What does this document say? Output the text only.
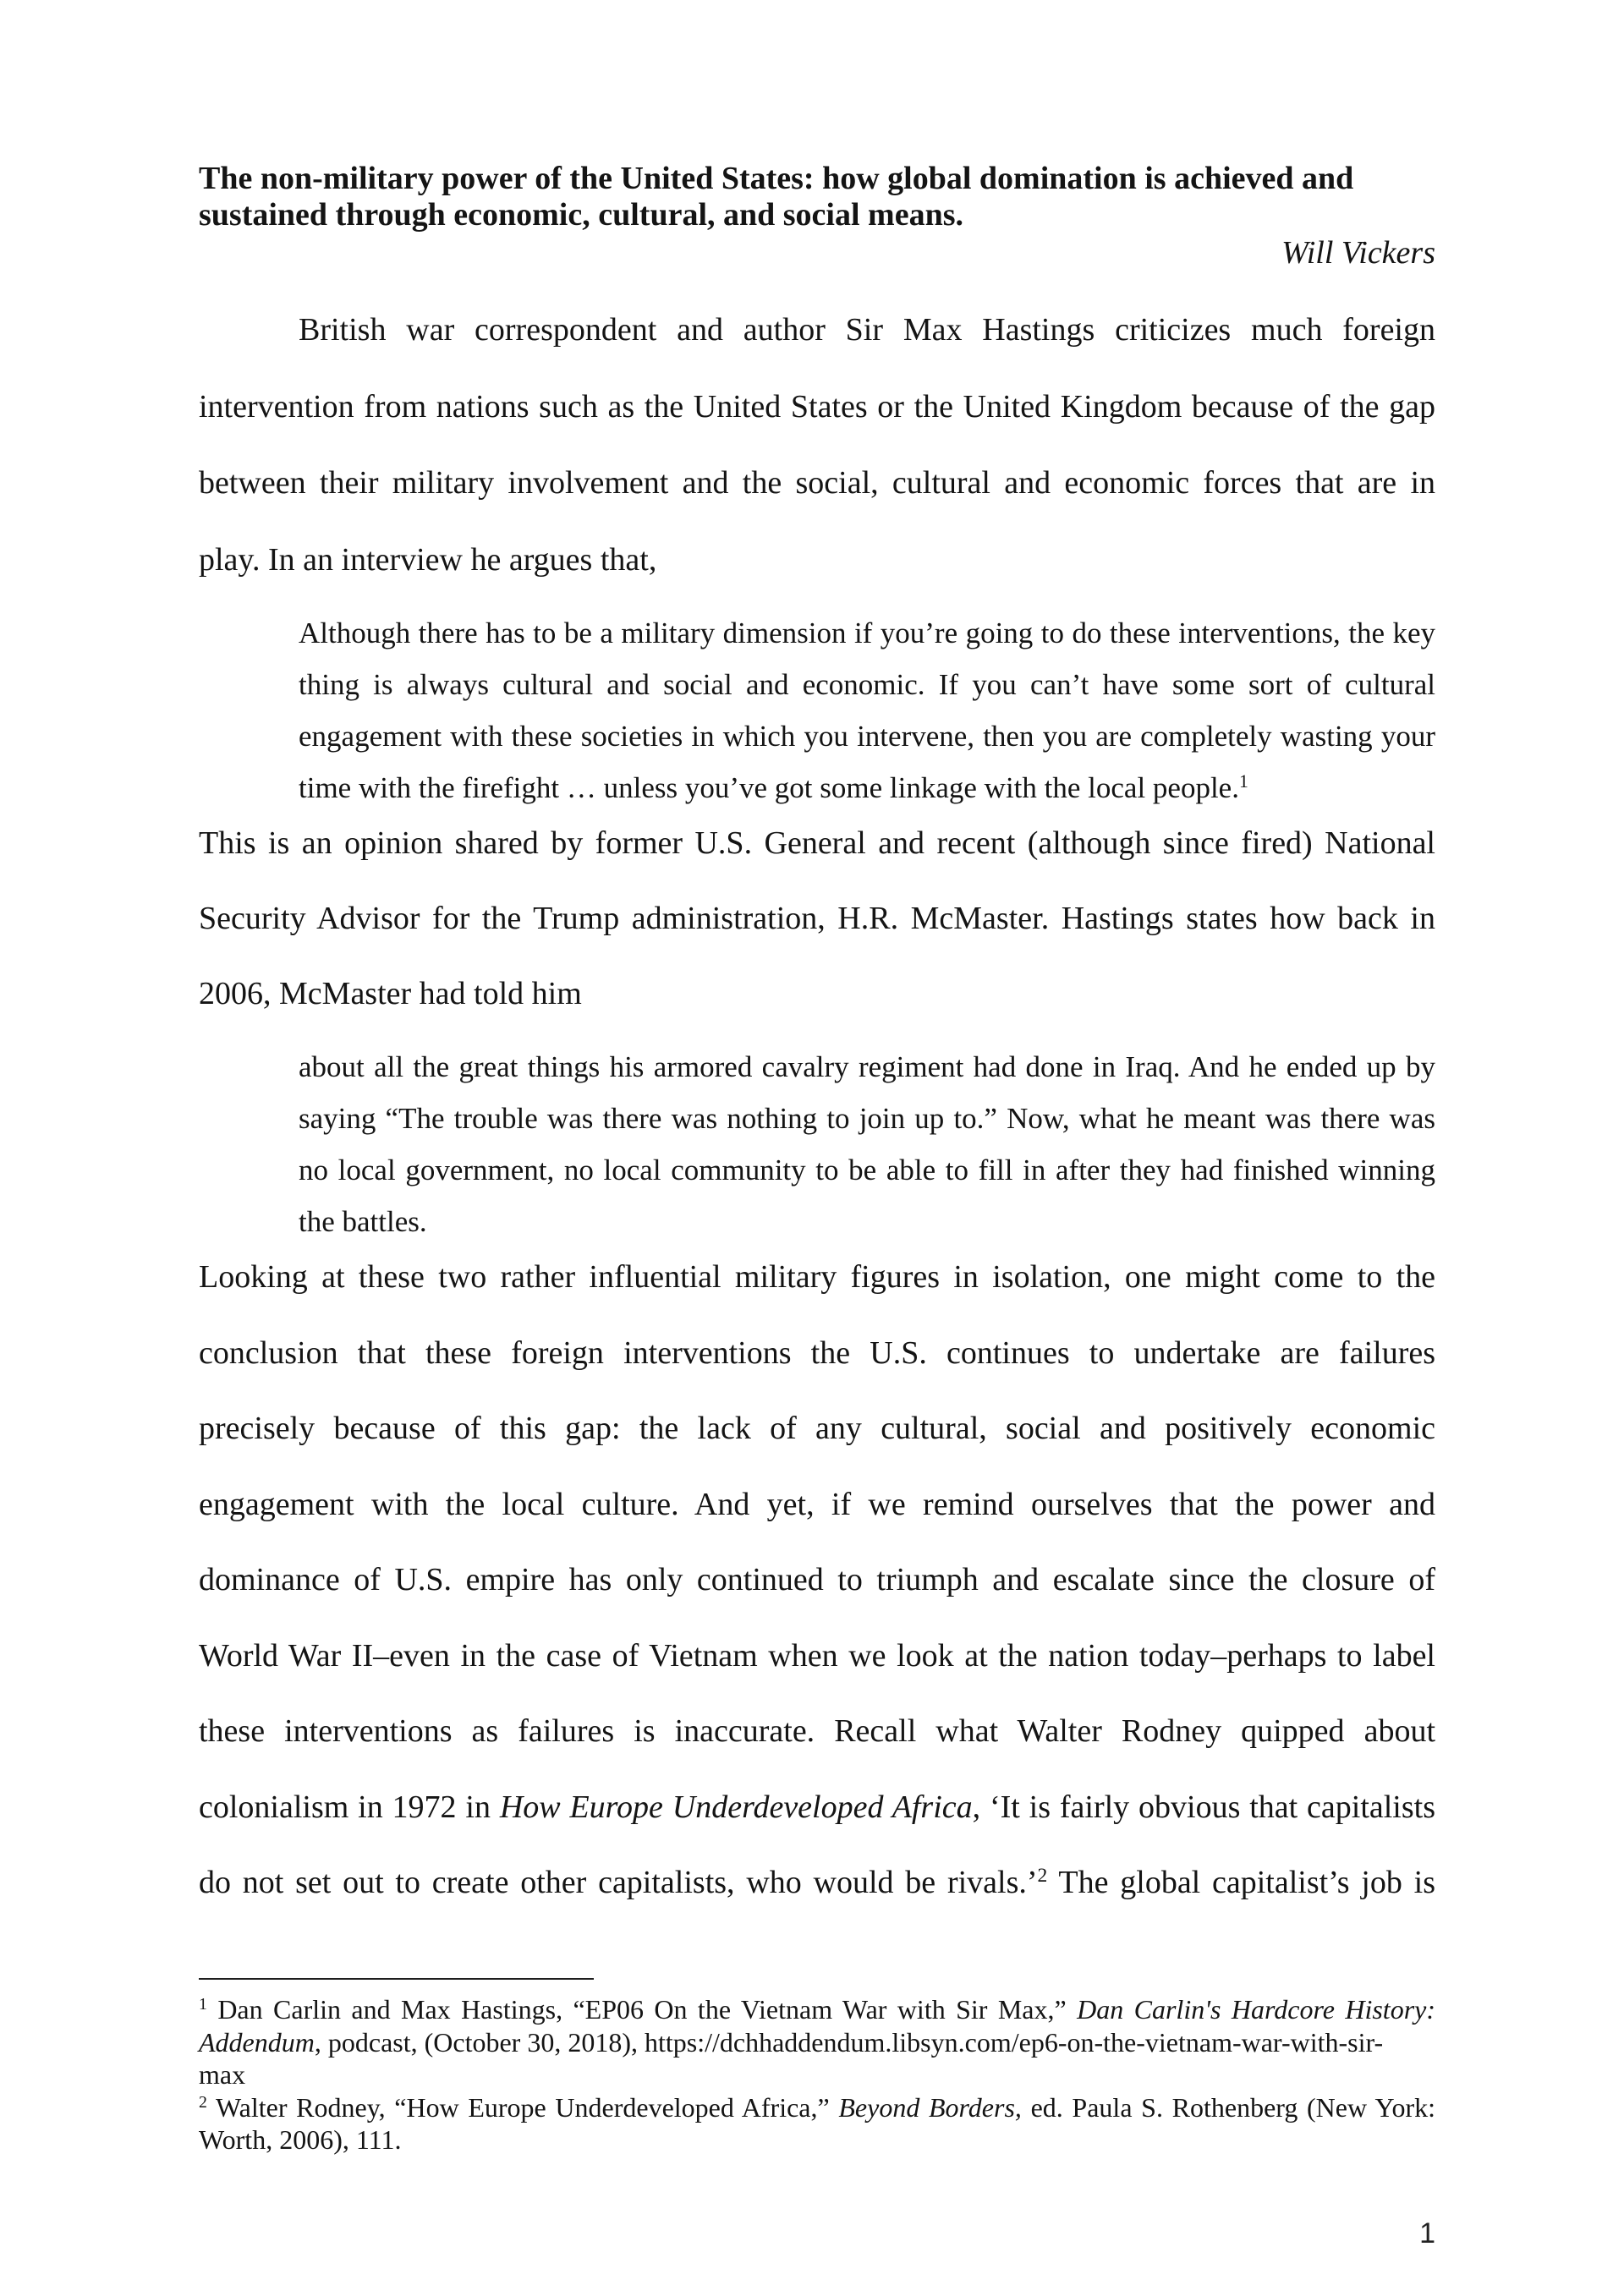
The non-military power of the United States: how global domination is achieved and
sustained through economic, cultural, and social means.
Will Vickers
British war correspondent and author Sir Max Hastings criticizes much foreign
intervention from nations such as the United States or the United Kingdom because of the gap
between their military involvement and the social, cultural and economic forces that are in
play. In an interview he argues that,
Although there has to be a military dimension if you’re going to do these interventions, the key
thing is always cultural and social and economic. If you can’t have some sort of cultural
engagement with these societies in which you intervene, then you are completely wasting your
time with the firefight … unless you’ve got some linkage with the local people.$^1$
This is an opinion shared by former U.S. General and recent (although since fired) National
Security Advisor for the Trump administration, H.R. McMaster. Hastings states how back in
2006, McMaster had told him
about all the great things his armored cavalry regiment had done in Iraq. And he ended up by
saying “The trouble was there was nothing to join up to.” Now, what he meant was there was
no local government, no local community to be able to fill in after they had finished winning
the battles.
Looking at these two rather influential military figures in isolation, one might come to the
conclusion that these foreign interventions the U.S. continues to undertake are failures
precisely because of this gap: the lack of any cultural, social and positively economic
engagement with the local culture. And yet, if we remind ourselves that the power and
dominance of U.S. empire has only continued to triumph and escalate since the closure of
World War II–even in the case of Vietnam when we look at the nation today–perhaps to label
these interventions as failures is inaccurate. Recall what Walter Rodney quipped about
colonialism in 1972 in How Europe Underdeveloped Africa, ‘It is fairly obvious that capitalists
do not set out to create other capitalists, who would be rivals.’$^2$ The global capitalist’s job is
$^1$ Dan Carlin and Max Hastings, “EP06 On the Vietnam War with Sir Max,” Dan Carlin's Hardcore History:
Addendum, podcast, (October 30, 2018), https://dchhaddendum.libsyn.com/ep6-on-the-vietnam-war-with-sir-
max
$^2$ Walter Rodney, “How Europe Underdeveloped Africa,” Beyond Borders, ed. Paula S. Rothenberg (New York:
Worth, 2006), 111.
1
